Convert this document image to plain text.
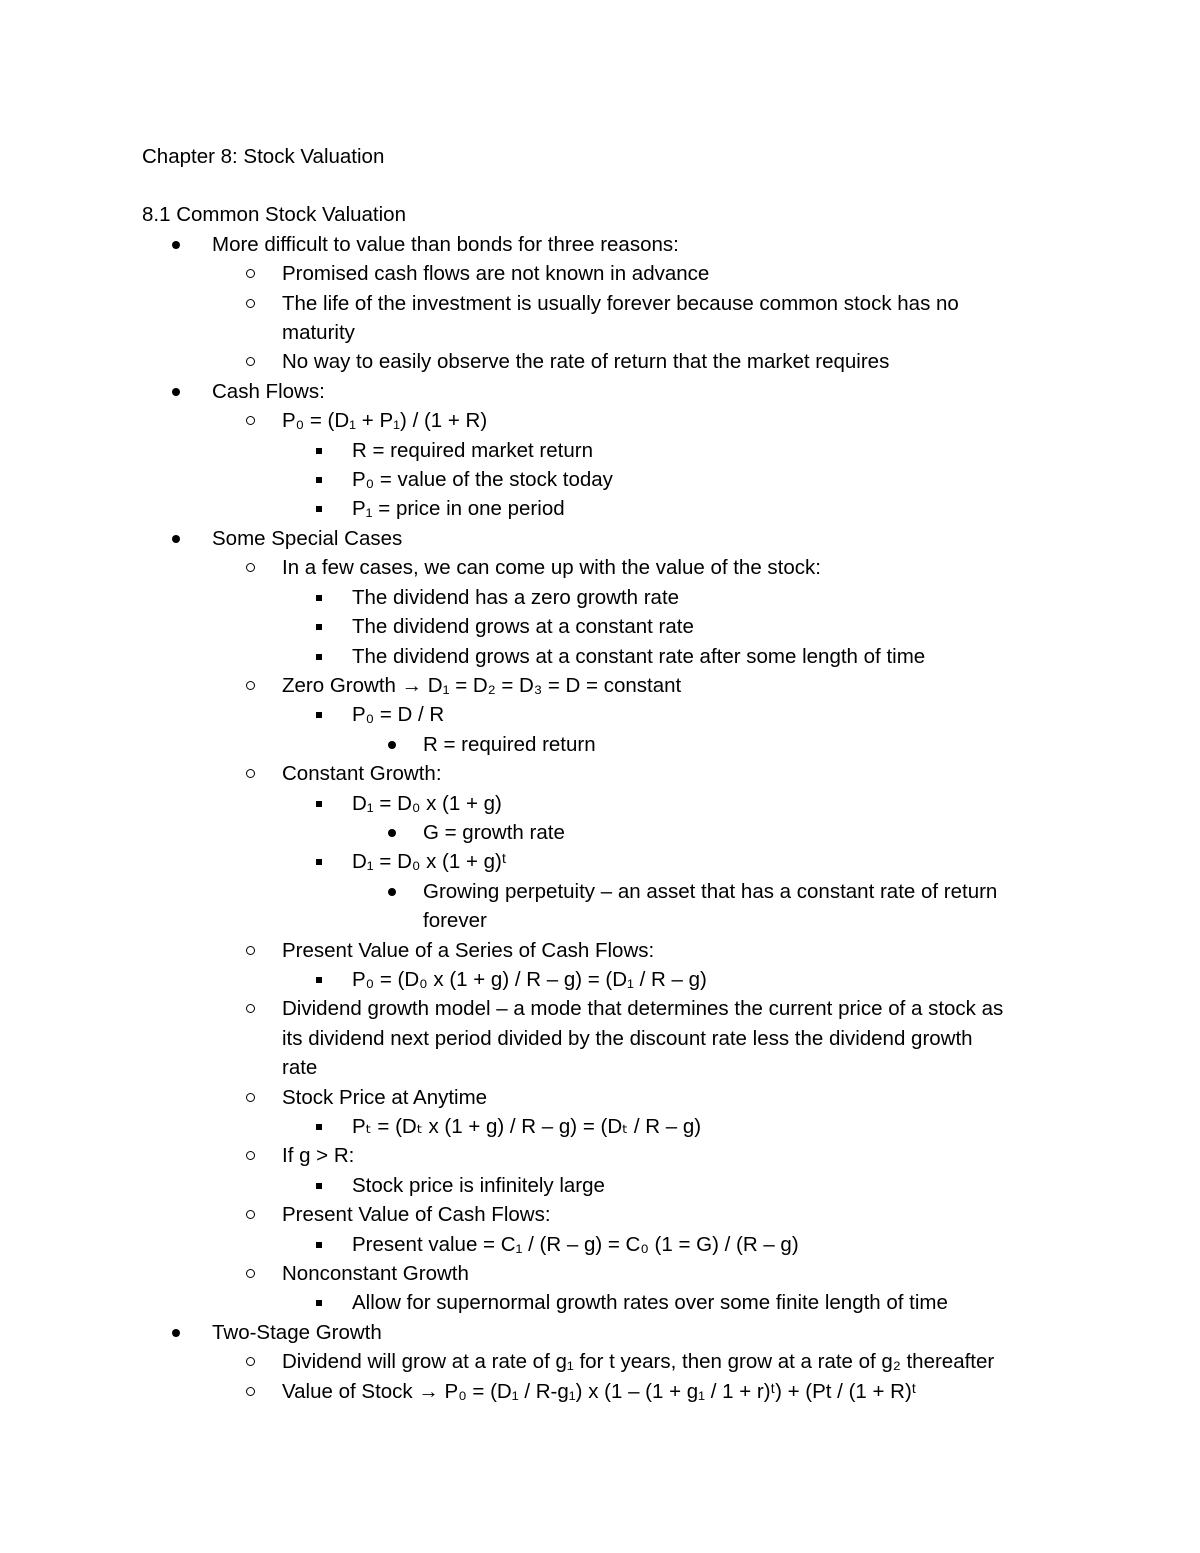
Chapter 8: Stock Valuation
8.1 Common Stock Valuation
More difficult to value than bonds for three reasons:
Promised cash flows are not known in advance
The life of the investment is usually forever because common stock has no
maturity
No way to easily observe the rate of return that the market requires
Cash Flows:
P₀ = (D₁ + P₁) / (1 + R)
R = required market return
P₀ = value of the stock today
P₁ = price in one period
Some Special Cases
In a few cases, we can come up with the value of the stock:
The dividend has a zero growth rate
The dividend grows at a constant rate
The dividend grows at a constant rate after some length of time
Zero Growth → D₁ = D₂ = D₃ = D = constant
P₀ = D / R
R = required return
Constant Growth:
D₁ = D₀ x (1 + g)
G = growth rate
D₁ = D₀ x (1 + g)ᵗ
Growing perpetuity – an asset that has a constant rate of return
forever
Present Value of a Series of Cash Flows:
P₀ = (D₀ x (1 + g) / R – g) = (D₁ / R – g)
Dividend growth model – a mode that determines the current price of a stock as
its dividend next period divided by the discount rate less the dividend growth
rate
Stock Price at Anytime
Pₜ = (Dₜ x (1 + g) / R – g) = (Dₜ / R – g)
If g > R:
Stock price is infinitely large
Present Value of Cash Flows:
Present value = C₁ / (R – g) = C₀ (1 = G) / (R – g)
Nonconstant Growth
Allow for supernormal growth rates over some finite length of time
Two-Stage Growth
Dividend will grow at a rate of g₁ for t years, then grow at a rate of g₂ thereafter
Value of Stock → P₀ = (D₁ / R-g₁) x (1 – (1 + g₁ / 1 + r)ᵗ) + (Pt / (1 + R)ᵗ
